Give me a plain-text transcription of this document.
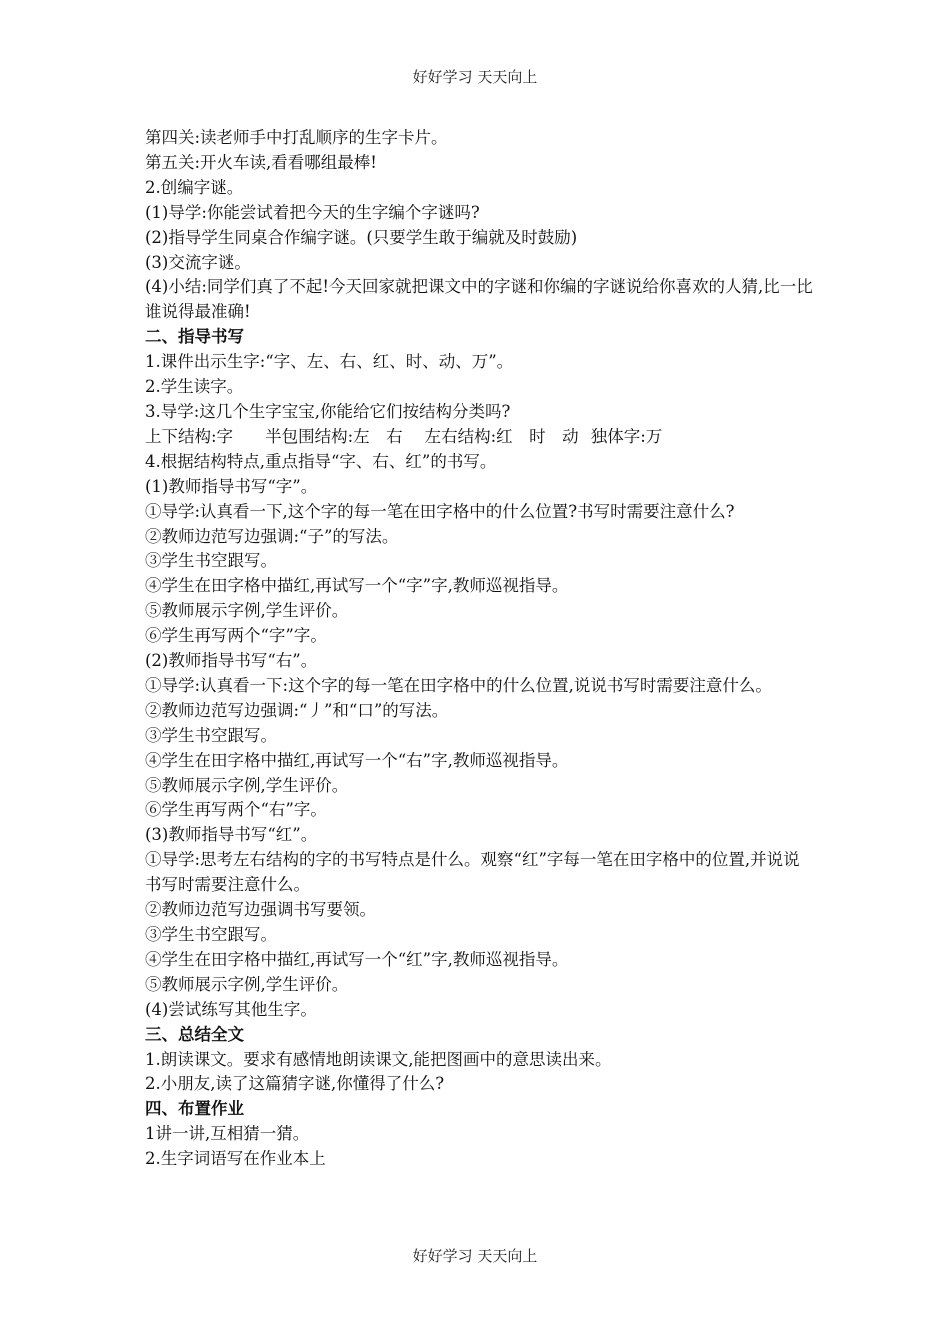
好好学习 天天向上
第四关:读老师手中打乱顺序的生字卡片。
第五关:开火车读,看看哪组最棒!
2.创编字谜。
(1)导学:你能尝试着把今天的生字编个字谜吗?
(2)指导学生同桌合作编字谜。(只要学生敢于编就及时鼓励)
(3)交流字谜。
(4)小结:同学们真了不起!今天回家就把课文中的字谜和你编的字谜说给你喜欢的人猜,比一比谁说得最准确!
二、指导书写
1.课件出示生字:“字、左、右、红、时、动、万”。
2.学生读字。
3.导学:这几个生字宝宝,你能给它们按结构分类吗?
上下结构:字 半包围结构:左　右 左右结构:红　时　动 独体字:万
4.根据结构特点,重点指导“字、右、红”的书写。
(1)教师指导书写“字”。
①导学:认真看一下,这个字的每一笔在田字格中的什么位置?书写时需要注意什么?
②教师边范写边强调:“子”的写法。
③学生书空跟写。
④学生在田字格中描红,再试写一个“字”字,教师巡视指导。
⑤教师展示字例,学生评价。
⑥学生再写两个“字”字。
(2)教师指导书写“右”。
①导学:认真看一下:这个字的每一笔在田字格中的什么位置,说说书写时需要注意什么。
②教师边范写边强调:“丿”和“口”的写法。
③学生书空跟写。
④学生在田字格中描红,再试写一个“右”字,教师巡视指导。
⑤教师展示字例,学生评价。
⑥学生再写两个“右”字。
(3)教师指导书写“红”。
①导学:思考左右结构的字的书写特点是什么。观察“红”字每一笔在田字格中的位置,并说说书写时需要注意什么。
②教师边范写边强调书写要领。
③学生书空跟写。
④学生在田字格中描红,再试写一个“红”字,教师巡视指导。
⑤教师展示字例,学生评价。
(4)尝试练写其他生字。
三、总结全文
1.朗读课文。要求有感情地朗读课文,能把图画中的意思读出来。
2.小朋友,读了这篇猜字谜,你懂得了什么?
四、布置作业
1讲一讲,互相猜一猜。
2.生字词语写在作业本上
好好学习 天天向上
